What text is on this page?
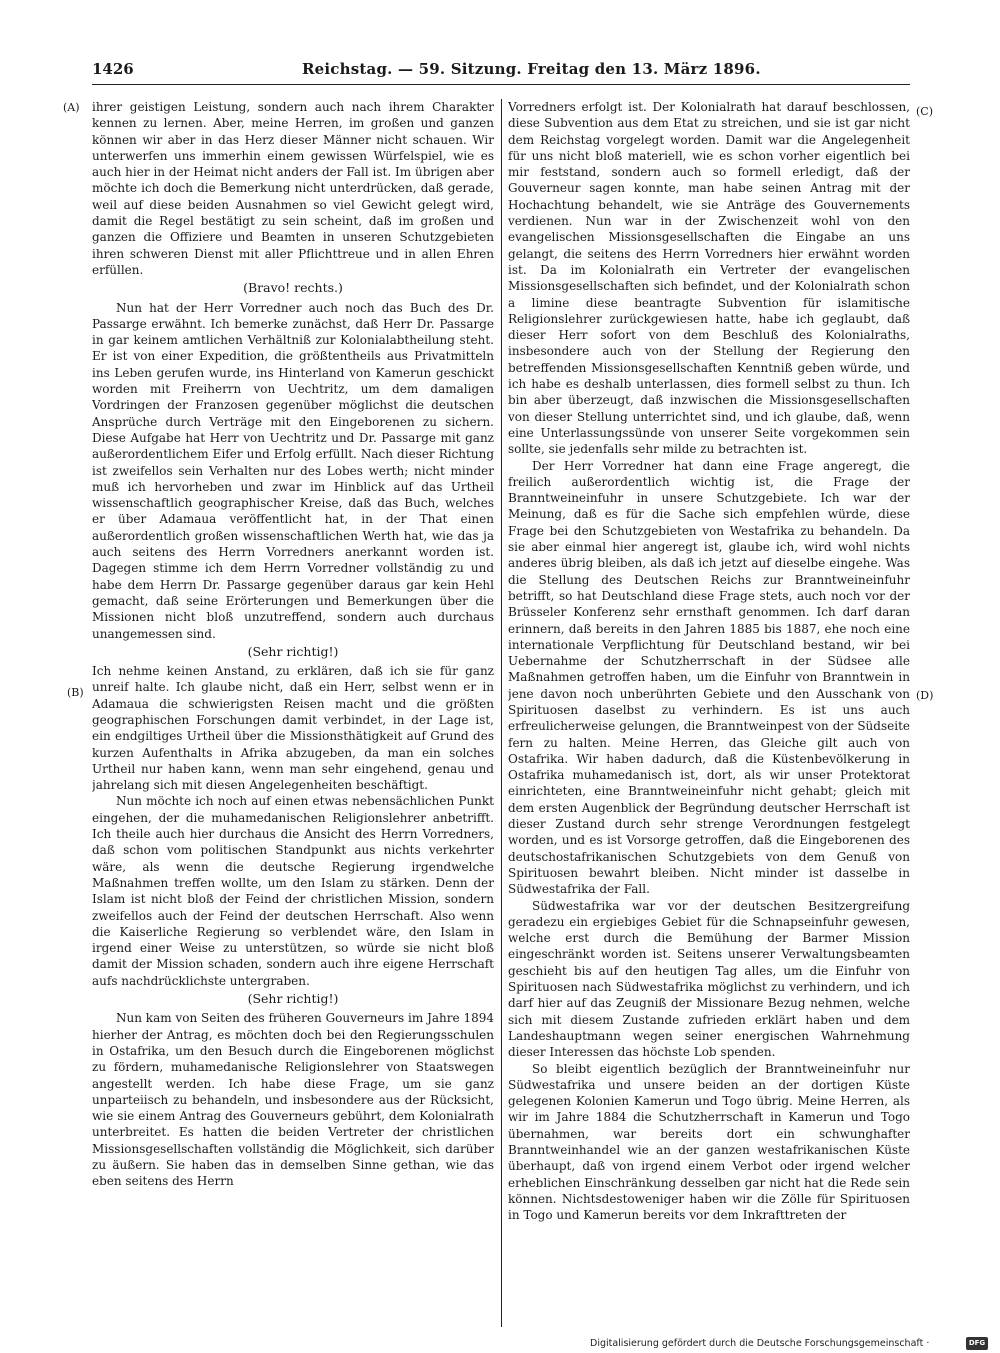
1426	Reichstag. — 59. Sitzung. Freitag den 13. März 1896.
(A)
(B)
(C)
(D)

ihrer geistigen Leistung, sondern auch nach ihrem Charakter kennen zu lernen. Aber, meine Herren, im großen und ganzen können wir aber in das Herz dieser Männer nicht schauen. Wir unterwerfen uns immerhin einem gewissen Würfelspiel, wie es auch hier in der Heimat nicht anders der Fall ist. Im übrigen aber möchte ich doch die Bemerkung nicht unterdrücken, daß gerade, weil auf diese beiden Ausnahmen so viel Gewicht gelegt wird, damit die Regel bestätigt zu sein scheint, daß im großen und ganzen die Offiziere und Beamten in unseren Schutzgebieten ihren schweren Dienst mit aller Pflichttreue und in allen Ehren erfüllen.

(Bravo! rechts.)

Nun hat der Herr Vorredner auch noch das Buch des Dr. Passarge erwähnt. Ich bemerke zunächst, daß Herr Dr. Passarge in gar keinem amtlichen Verhältniß zur Kolonialabtheilung steht. Er ist von einer Expedition, die größtentheils aus Privatmitteln ins Leben gerufen wurde, ins Hinterland von Kamerun geschickt worden mit Freiherrn von Uechtritz, um dem damaligen Vordringen der Franzosen gegenüber möglichst die deutschen Ansprüche durch Verträge mit den Eingeborenen zu sichern. Diese Aufgabe hat Herr von Uechtritz und Dr. Passarge mit ganz außerordentlichem Eifer und Erfolg erfüllt. Nach dieser Richtung ist zweifellos sein Verhalten nur des Lobes werth; nicht minder muß ich hervorheben und zwar im Hinblick auf das Urtheil wissenschaftlich geographischer Kreise, daß das Buch, welches er über Adamaua veröffentlicht hat, in der That einen außerordentlich großen wissenschaftlichen Werth hat, wie das ja auch seitens des Herrn Vorredners anerkannt worden ist. Dagegen stimme ich dem Herrn Vorredner vollständig zu und habe dem Herrn Dr. Passarge gegenüber daraus gar kein Hehl gemacht, daß seine Erörterungen und Bemerkungen über die Missionen nicht bloß unzutreffend, sondern auch durchaus unangemessen sind.

(Sehr richtig!)

Ich nehme keinen Anstand, zu erklären, daß ich sie für ganz unreif halte. Ich glaube nicht, daß ein Herr, selbst wenn er in Adamaua die schwierigsten Reisen macht und die größten geographischen Forschungen damit verbindet, in der Lage ist, ein endgiltiges Urtheil über die Missionsthätigkeit auf Grund des kurzen Aufenthalts in Afrika abzugeben, da man ein solches Urtheil nur haben kann, wenn man sehr eingehend, genau und jahrelang sich mit diesen Angelegenheiten beschäftigt.

Nun möchte ich noch auf einen etwas nebensächlichen Punkt eingehen, der die muhamedanischen Religionslehrer anbetrifft. Ich theile auch hier durchaus die Ansicht des Herrn Vorredners, daß schon vom politischen Standpunkt aus nichts verkehrter wäre, als wenn die deutsche Regierung irgendwelche Maßnahmen treffen wollte, um den Islam zu stärken. Denn der Islam ist nicht bloß der Feind der christlichen Mission, sondern zweifellos auch der Feind der deutschen Herrschaft. Also wenn die Kaiserliche Regierung so verblendet wäre, den Islam in irgend einer Weise zu unterstützen, so würde sie nicht bloß damit der Mission schaden, sondern auch ihre eigene Herrschaft aufs nachdrücklichste untergraben.

(Sehr richtig!)

Nun kam von Seiten des früheren Gouverneurs im Jahre 1894 hierher der Antrag, es möchten doch bei den Regierungsschulen in Ostafrika, um den Besuch durch die Eingeborenen möglichst zu fördern, muhamedanische Religionslehrer von Staatswegen angestellt werden. Ich habe diese Frage, um sie ganz unparteiisch zu behandeln, und insbesondere aus der Rücksicht, wie sie einem Antrag des Gouverneurs gebührt, dem Kolonialrath unterbreitet. Es hatten die beiden Vertreter der christlichen Missionsgesellschaften vollständig die Möglichkeit, sich darüber zu äußern. Sie haben das in demselben Sinne gethan, wie das eben seitens des Herrn

Vorredners erfolgt ist. Der Kolonialrath hat darauf beschlossen, diese Subvention aus dem Etat zu streichen, und sie ist gar nicht dem Reichstag vorgelegt worden. Damit war die Angelegenheit für uns nicht bloß materiell, wie es schon vorher eigentlich bei mir feststand, sondern auch so formell erledigt, daß der Gouverneur sagen konnte, man habe seinen Antrag mit der Hochachtung behandelt, wie sie Anträge des Gouvernements verdienen. Nun war in der Zwischenzeit wohl von den evangelischen Missionsgesellschaften die Eingabe an uns gelangt, die seitens des Herrn Vorredners hier erwähnt worden ist. Da im Kolonialrath ein Vertreter der evangelischen Missionsgesellschaften sich befindet, und der Kolonialrath schon a limine diese beantragte Subvention für islamitische Religionslehrer zurückgewiesen hatte, habe ich geglaubt, daß dieser Herr sofort von dem Beschluß des Kolonialraths, insbesondere auch von der Stellung der Regierung den betreffenden Missionsgesellschaften Kenntniß geben würde, und ich habe es deshalb unterlassen, dies formell selbst zu thun. Ich bin aber überzeugt, daß inzwischen die Missionsgesellschaften von dieser Stellung unterrichtet sind, und ich glaube, daß, wenn eine Unterlassungssünde von unserer Seite vorgekommen sein sollte, sie jedenfalls sehr milde zu betrachten ist.

Der Herr Vorredner hat dann eine Frage angeregt, die freilich außerordentlich wichtig ist, die Frage der Branntweineinfuhr in unsere Schutzgebiete. Ich war der Meinung, daß es für die Sache sich empfehlen würde, diese Frage bei den Schutzgebieten von Westafrika zu behandeln. Da sie aber einmal hier angeregt ist, glaube ich, wird wohl nichts anderes übrig bleiben, als daß ich jetzt auf dieselbe eingehe. Was die Stellung des Deutschen Reichs zur Branntweineinfuhr betrifft, so hat Deutschland diese Frage stets, auch noch vor der Brüsseler Konferenz sehr ernsthaft genommen. Ich darf daran erinnern, daß bereits in den Jahren 1885 bis 1887, ehe noch eine internationale Verpflichtung für Deutschland bestand, wir bei Uebernahme der Schutzherrschaft in der Südsee alle Maßnahmen getroffen haben, um die Einfuhr von Branntwein in jene davon noch unberührten Gebiete und den Ausschank von Spirituosen daselbst zu verhindern. Es ist uns auch erfreulicherweise gelungen, die Branntweinpest von der Südseite fern zu halten. Meine Herren, das Gleiche gilt auch von Ostafrika. Wir haben dadurch, daß die Küstenbevölkerung in Ostafrika muhamedanisch ist, dort, als wir unser Protektorat einrichteten, eine Branntweineinfuhr nicht gehabt; gleich mit dem ersten Augenblick der Begründung deutscher Herrschaft ist dieser Zustand durch sehr strenge Verordnungen festgelegt worden, und es ist Vorsorge getroffen, daß die Eingeborenen des deutschostafrikanischen Schutzgebiets von dem Genuß von Spirituosen bewahrt bleiben. Nicht minder ist dasselbe in Südwestafrika der Fall.

Südwestafrika war vor der deutschen Besitzergreifung geradezu ein ergiebiges Gebiet für die Schnapseinfuhr gewesen, welche erst durch die Bemühung der Barmer Mission eingeschränkt worden ist. Seitens unserer Verwaltungsbeamten geschieht bis auf den heutigen Tag alles, um die Einfuhr von Spirituosen nach Südwestafrika möglichst zu verhindern, und ich darf hier auf das Zeugniß der Missionare Bezug nehmen, welche sich mit diesem Zustande zufrieden erklärt haben und dem Landeshauptmann wegen seiner energischen Wahrnehmung dieser Interessen das höchste Lob spenden.

So bleibt eigentlich bezüglich der Branntweineinfuhr nur Südwestafrika und unsere beiden an der dortigen Küste gelegenen Kolonien Kamerun und Togo übrig. Meine Herren, als wir im Jahre 1884 die Schutzherrschaft in Kamerun und Togo übernahmen, war bereits dort ein schwunghafter Branntweinhandel wie an der ganzen westafrikanischen Küste überhaupt, daß von irgend einem Verbot oder irgend welcher erheblichen Einschränkung desselben gar nicht hat die Rede sein können. Nichtsdestoweniger haben wir die Zölle für Spirituosen in Togo und Kamerun bereits vor dem Inkrafttreten der

Digitalisierung gefördert durch die Deutsche Forschungsgemeinschaft ·	DFG
